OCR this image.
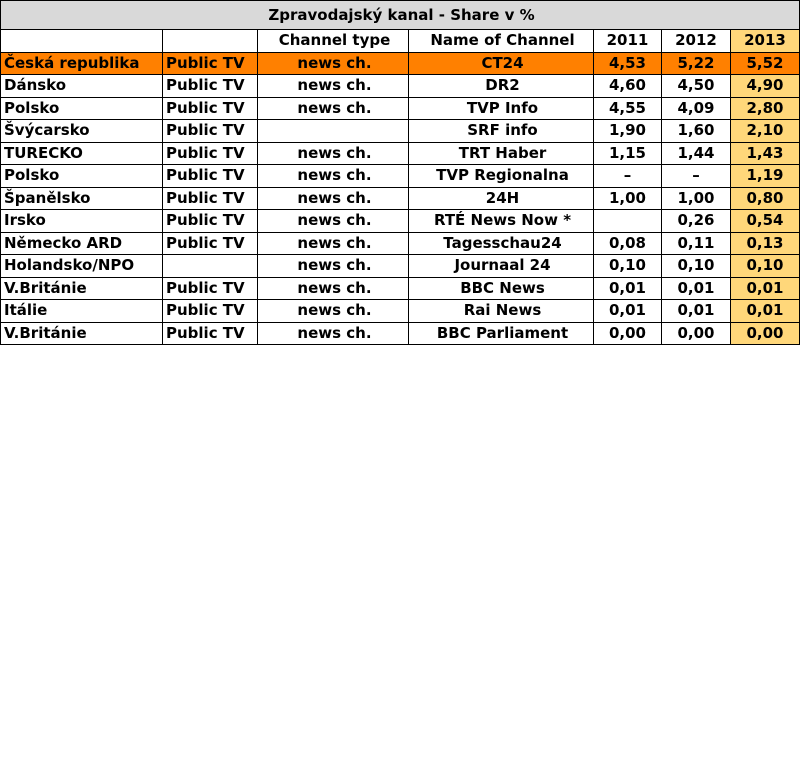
Zpravodajský kanal - Share v %						
		Channel type	Name of Channel	2011	2012	2013
Česká republika	Public TV	news ch.	CT24	4,53	5,22	5,52
Dánsko	Public TV	news ch.	DR2	4,60	4,50	4,90
Polsko	Public TV	news ch.	TVP Info	4,55	4,09	2,80
Švýcarsko	Public TV		SRF info	1,90	1,60	2,10
TURECKO	Public TV	news ch.	TRT Haber	1,15	1,44	1,43
Polsko	Public TV	news ch.	TVP Regionalna	–	–	1,19
Španělsko	Public TV	news ch.	24H	1,00	1,00	0,80
Irsko	Public TV	news ch.	RTÉ News Now *		0,26	0,54
Německo ARD	Public TV	news ch.	Tagesschau24	0,08	0,11	0,13
Holandsko/NPO		news ch.	Journaal 24	0,10	0,10	0,10
V.Británie	Public TV	news ch.	BBC News	0,01	0,01	0,01
Itálie	Public TV	news ch.	Rai News	0,01	0,01	0,01
V.Británie	Public TV	news ch.	BBC Parliament	0,00	0,00	0,00
